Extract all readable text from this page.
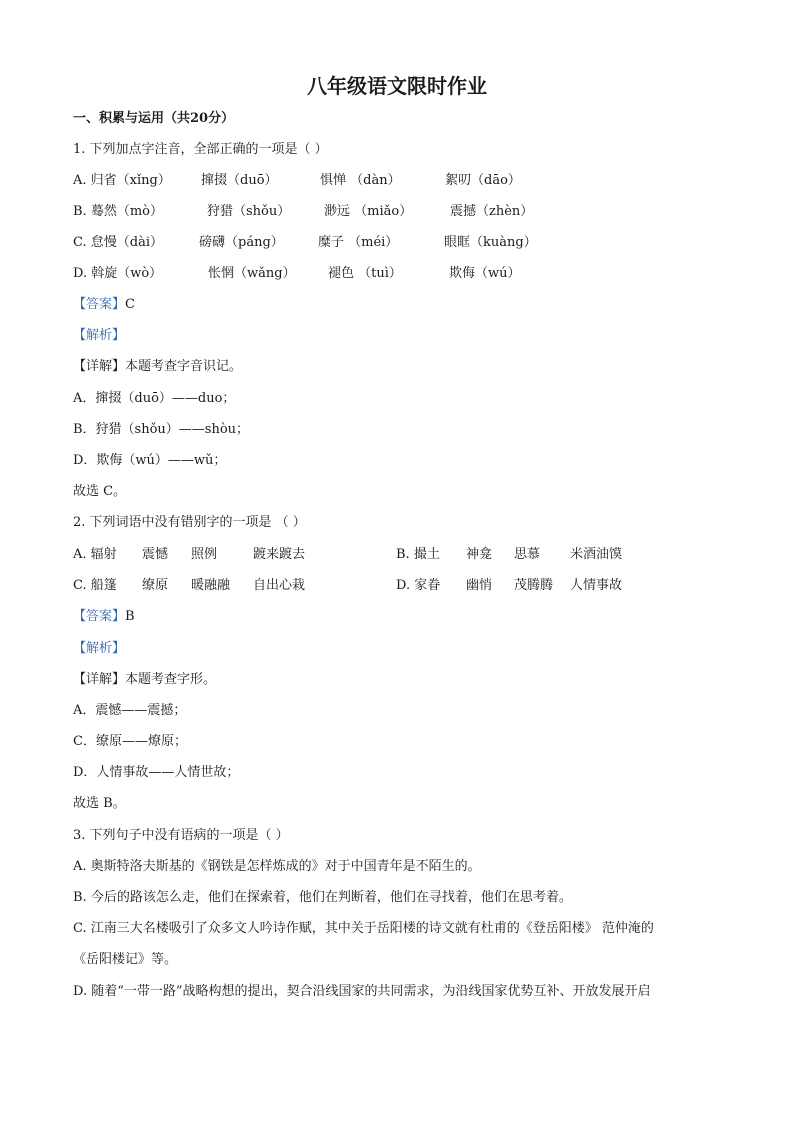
八年级语文限时作业
一、积累与运用（共20分）
1. 下列加点字注音，全部正确的一项是（ ）
A. 归省（xǐng） 撺掇（duō）	惧惮 （dàn）	絮叨（dāo）
B. 蓦然（mò）	狩猎（shǒu）	渺远 （miǎo）	震撼（zhèn）
C. 怠慢（dài）	磅礴（páng）	糜子 （méi）	眼眶（kuàng）
D. 斡旋（wò）	怅惘（wǎng） 褪色 （tuì）	欺侮（wú）
【答案】C
【解析】
【详解】本题考查字音识记。
A．撺掇（duō）——duo；
B．狩猎（shǒu）——shòu；
D．欺侮（wú）——wǔ；
故选 C。
2. 下列词语中没有错别字的一项是 （ ）
A. 辐射 震憾 照例	踱来踱去	B. 撮土 神龛 思慕 米酒油馍
C. 船篷 缭原 暖融融 自出心栽	D. 家眷 幽悄 茂腾腾 人情事故
【答案】B
【解析】
【详解】本题考查字形。
A．震憾——震撼；
C．缭原——燎原；
D．人情事故——人情世故；
故选 B。
3. 下列句子中没有语病的一项是（ ）
A. 奥斯特洛夫斯基的《钢铁是怎样炼成的》对于中国青年是不陌生的。
B. 今后的路该怎么走，他们在探索着，他们在判断着，他们在寻找着，他们在思考着。
C. 江南三大名楼吸引了众多文人吟诗作赋，其中关于岳阳楼的诗文就有杜甫的《登岳阳楼》 范仲淹的
《岳阳楼记》等。
D. 随着“一带一路”战略构想的提出，契合沿线国家的共同需求，为沿线国家优势互补、开放发展开启
